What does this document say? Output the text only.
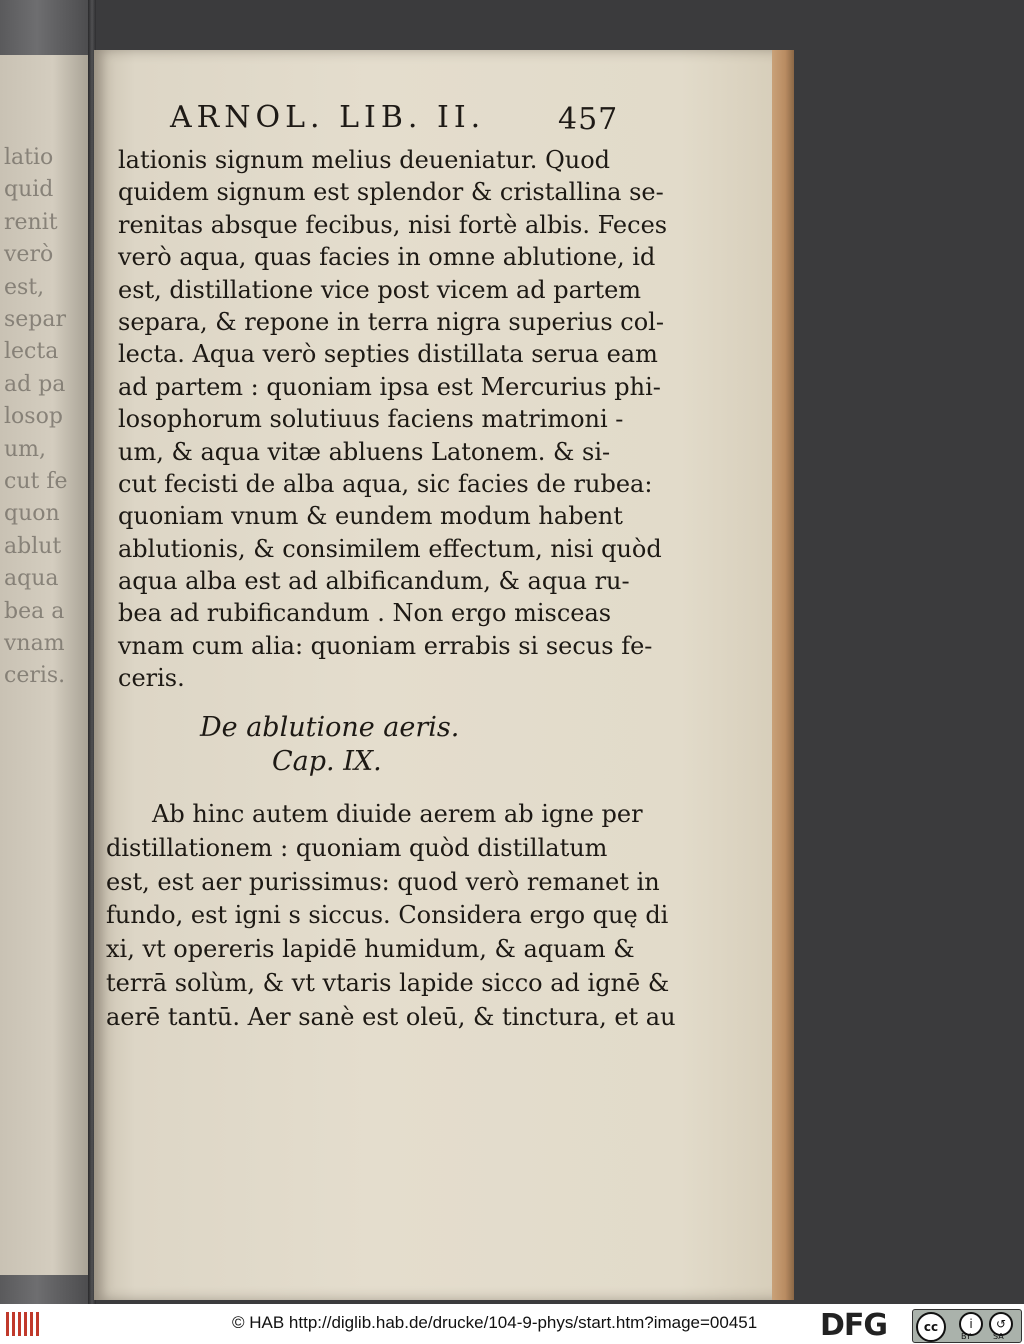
latio
quid
renit
verò
est,
separ
lecta
ad pa
losop
um,
cut fe
quon
ablut
aqua
bea a
vnam
ceris.
ARNOL. LIB. II. 457
lationis signum melius deueniatur. Quod
quidem signum est splendor & cristallina se-
renitas absque fecibus, nisi fortè albis. Feces
verò aqua, quas facies in omne ablutione, id
est, distillatione vice post vicem ad partem
separa, & repone in terra nigra superius col-
lecta. Aqua verò septies distillata serua eam
ad partem : quoniam ipsa est Mercurius phi-
losophorum solutiuus faciens matrimoni -
um, & aqua vitæ abluens Latonem. & si-
cut fecisti de alba aqua, sic facies de rubea:
quoniam vnum & eundem modum habent
ablutionis, & consimilem effectum, nisi quòd
aqua alba est ad albificandum, & aqua ru-
bea ad rubificandum . Non ergo misceas
vnam cum alia: quoniam errabis si secus fe-
ceris.
De ablutione aeris.
Cap. IX.
Ab hinc autem diuide aerem ab igne per
distillationem : quoniam quòd distillatum
est, est aer purissimus: quod verò remanet in
fundo, est igni s siccus. Considera ergo quę di
xi, vt opereris lapidē humidum, & aquam &
terrā solùm, & vt vtaris lapide sicco ad ignē &
aerē tantū. Aer sanè est oleū, & tinctura, et au
© HAB http://diglib.hab.de/drucke/104-9-phys/start.htm?image=00451 DFG	cc	i	↺
BY	SA
